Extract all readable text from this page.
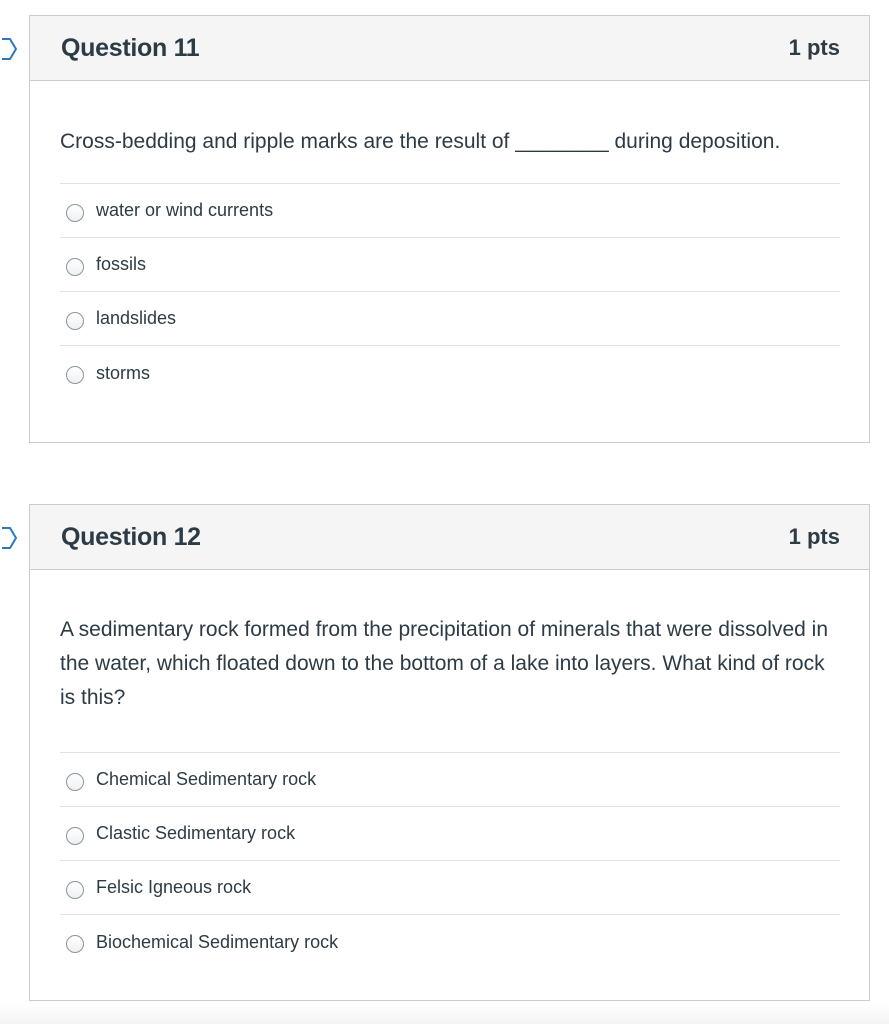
Question 11	1 pts

Cross-bedding and ripple marks are the result of ________ during deposition.

water or wind currents
fossils
landslides
storms
Question 12	1 pts

A sedimentary rock formed from the precipitation of minerals that were dissolved in the water, which floated down to the bottom of a lake into layers. What kind of rock is this?

Chemical Sedimentary rock
Clastic Sedimentary rock
Felsic Igneous rock
Biochemical Sedimentary rock
